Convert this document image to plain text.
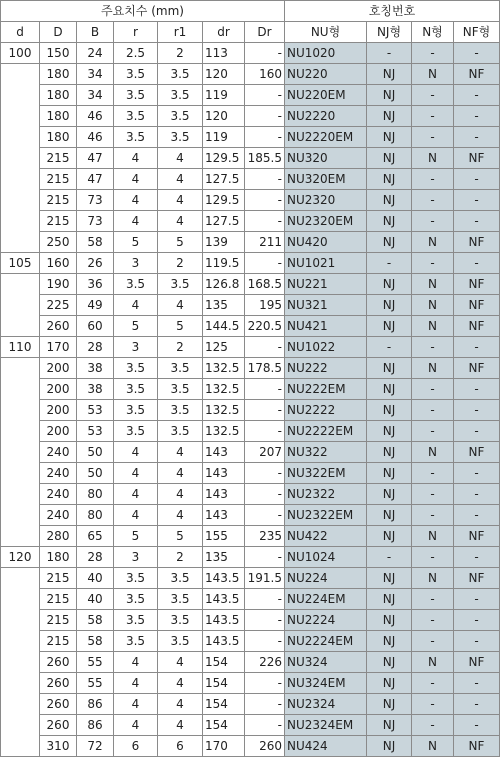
주요치수 (mm)							호칭번호			
d	D	B	r	r1	dr	Dr	NU형	NJ형	N형	NF형
100	150	24	2.5	2	113	-	NU1020	-	-	-
	180	34	3.5	3.5	120	160	NU220	NJ	N	NF
	180	34	3.5	3.5	119	-	NU220EM	NJ	-	-
	180	46	3.5	3.5	120	-	NU2220	NJ	-	-
	180	46	3.5	3.5	119	-	NU2220EM	NJ	-	-
	215	47	4	4	129.5	185.5	NU320	NJ	N	NF
	215	47	4	4	127.5	-	NU320EM	NJ	-	-
	215	73	4	4	129.5	-	NU2320	NJ	-	-
	215	73	4	4	127.5	-	NU2320EM	NJ	-	-
	250	58	5	5	139	211	NU420	NJ	N	NF
105	160	26	3	2	119.5	-	NU1021	-	-	-
	190	36	3.5	3.5	126.8	168.5	NU221	NJ	N	NF
	225	49	4	4	135	195	NU321	NJ	N	NF
	260	60	5	5	144.5	220.5	NU421	NJ	N	NF
110	170	28	3	2	125	-	NU1022	-	-	-
	200	38	3.5	3.5	132.5	178.5	NU222	NJ	N	NF
	200	38	3.5	3.5	132.5	-	NU222EM	NJ	-	-
	200	53	3.5	3.5	132.5	-	NU2222	NJ	-	-
	200	53	3.5	3.5	132.5	-	NU2222EM	NJ	-	-
	240	50	4	4	143	207	NU322	NJ	N	NF
	240	50	4	4	143	-	NU322EM	NJ	-	-
	240	80	4	4	143	-	NU2322	NJ	-	-
	240	80	4	4	143	-	NU2322EM	NJ	-	-
	280	65	5	5	155	235	NU422	NJ	N	NF
120	180	28	3	2	135	-	NU1024	-	-	-
	215	40	3.5	3.5	143.5	191.5	NU224	NJ	N	NF
	215	40	3.5	3.5	143.5	-	NU224EM	NJ	-	-
	215	58	3.5	3.5	143.5	-	NU2224	NJ	-	-
	215	58	3.5	3.5	143.5	-	NU2224EM	NJ	-	-
	260	55	4	4	154	226	NU324	NJ	N	NF
	260	55	4	4	154	-	NU324EM	NJ	-	-
	260	86	4	4	154	-	NU2324	NJ	-	-
	260	86	4	4	154	-	NU2324EM	NJ	-	-
	310	72	6	6	170	260	NU424	NJ	N	NF
